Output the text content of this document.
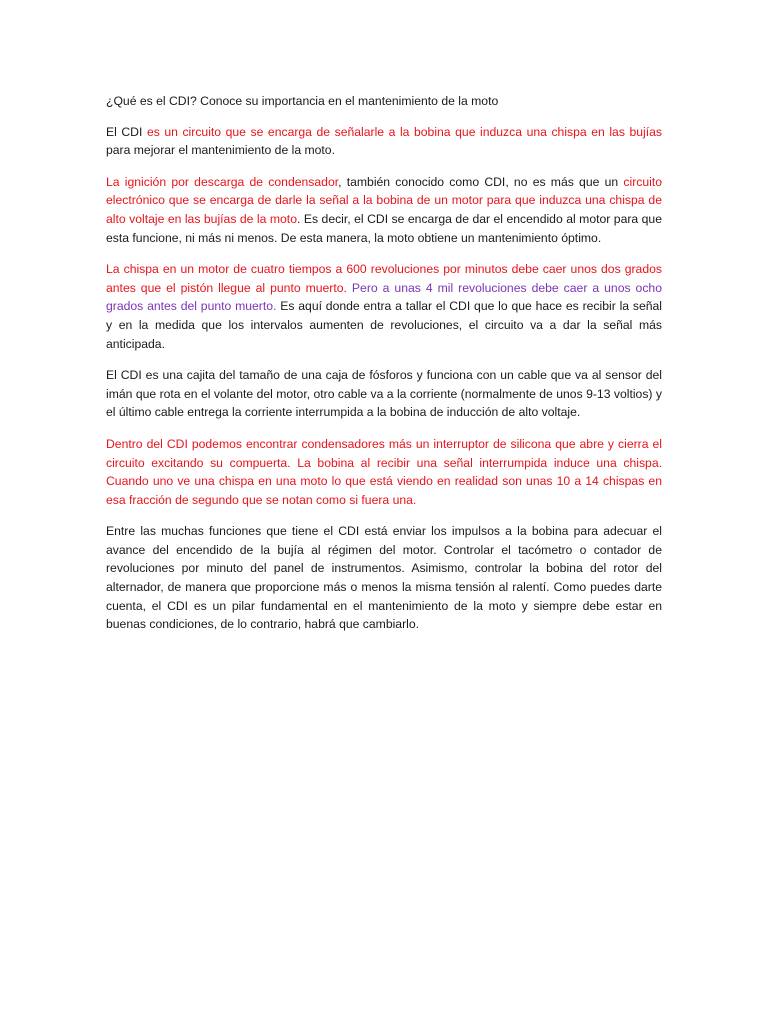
¿Qué es el CDI? Conoce su importancia en el mantenimiento de la moto

El CDI es un circuito que se encarga de señalarle a la bobina que induzca una chispa en las bujías para mejorar el mantenimiento de la moto.

La ignición por descarga de condensador, también conocido como CDI, no es más que un circuito electrónico que se encarga de darle la señal a la bobina de un motor para que induzca una chispa de alto voltaje en las bujías de la moto. Es decir, el CDI se encarga de dar el encendido al motor para que esta funcione, ni más ni menos. De esta manera, la moto obtiene un mantenimiento óptimo.

La chispa en un motor de cuatro tiempos a 600 revoluciones por minutos debe caer unos dos grados antes que el pistón llegue al punto muerto. Pero a unas 4 mil revoluciones debe caer a unos ocho grados antes del punto muerto. Es aquí donde entra a tallar el CDI que lo que hace es recibir la señal y en la medida que los intervalos aumenten de revoluciones, el circuito va a dar la señal más anticipada.

El CDI es una cajita del tamaño de una caja de fósforos y funciona con un cable que va al sensor del imán que rota en el volante del motor, otro cable va a la corriente (normalmente de unos 9-13 voltios) y el último cable entrega la corriente interrumpida a la bobina de inducción de alto voltaje.

Dentro del CDI podemos encontrar condensadores más un interruptor de silicona que abre y cierra el circuito excitando su compuerta. La bobina al recibir una señal interrumpida induce una chispa. Cuando uno ve una chispa en una moto lo que está viendo en realidad son unas 10 a 14 chispas en esa fracción de segundo que se notan como si fuera una.

Entre las muchas funciones que tiene el CDI está enviar los impulsos a la bobina para adecuar el avance del encendido de la bujía al régimen del motor. Controlar el tacómetro o contador de revoluciones por minuto del panel de instrumentos. Asimismo, controlar la bobina del rotor del alternador, de manera que proporcione más o menos la misma tensión al ralentí. Como puedes darte cuenta, el CDI es un pilar fundamental en el mantenimiento de la moto y siempre debe estar en buenas condiciones, de lo contrario, habrá que cambiarlo.
